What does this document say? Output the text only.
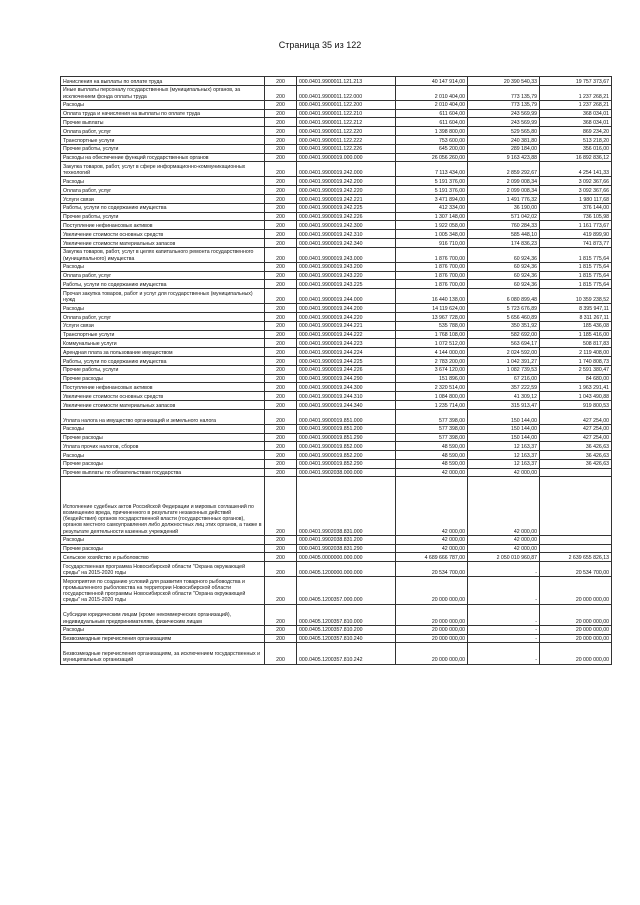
Страница 35 из 122
Начисления на выплаты по оплате труда	200	000.0401.9900011.121.213	40 147 914,00	20 390 540,33	19 757 373,67
Иные выплаты персоналу государственных (муниципальных) органов, за исключением фонда оплаты труда	200	000.0401.9900011.122.000	2 010 404,00	773 135,79	1 237 268,21
Расходы	200	000.0401.9900011.122.200	2 010 404,00	773 135,79	1 237 268,21
Оплата труда и начисления на выплаты по оплате труда	200	000.0401.9900011.122.210	611 604,00	243 569,99	368 034,01
Прочие выплаты	200	000.0401.9900011.122.212	611 604,00	243 569,99	368 034,01
Оплата работ, услуг	200	000.0401.9900011.122.220	1 398 800,00	529 565,80	869 234,20
Транспортные услуги	200	000.0401.9900011.122.222	753 600,00	240 381,80	513 218,20
Прочие работы, услуги	200	000.0401.9900011.122.226	645 200,00	289 184,00	356 016,00
Расходы на обеспечение функций государственных органов	200	000.0401.9900019.000.000	26 056 260,00	9 163 423,88	16 892 836,12
Закупка товаров, работ, услуг в сфере информационно-коммуникационных технологий	200	000.0401.9900019.242.000	7 113 434,00	2 859 292,67	4 254 141,33
Расходы	200	000.0401.9900019.242.200	5 191 376,00	2 099 008,34	3 092 367,66
Оплата работ, услуг	200	000.0401.9900019.242.220	5 191 376,00	2 099 008,34	3 092 367,66
Услуги связи	200	000.0401.9900019.242.221	3 471 894,00	1 491 776,32	1 980 117,68
Работы, услуги по содержанию имущества	200	000.0401.9900019.242.225	412 334,00	36 190,00	376 144,00
Прочие работы, услуги	200	000.0401.9900019.242.226	1 307 148,00	571 042,02	736 105,98
Поступление нефинансовых активов	200	000.0401.9900019.242.300	1 922 058,00	760 284,33	1 161 773,67
Увеличение стоимости основных средств	200	000.0401.9900019.242.310	1 005 348,00	585 448,10	419 899,90
Увеличение стоимости материальных запасов	200	000.0401.9900019.242.340	916 710,00	174 836,23	741 873,77
Закупка товаров, работ, услуг в целях капитального ремонта государственного (муниципального) имущества	200	000.0401.9900019.243.000	1 876 700,00	60 924,36	1 815 775,64
Расходы	200	000.0401.9900019.243.200	1 876 700,00	60 924,36	1 815 775,64
Оплата работ, услуг	200	000.0401.9900019.243.220	1 876 700,00	60 924,36	1 815 775,64
Работы, услуги по содержанию имущества	200	000.0401.9900019.243.225	1 876 700,00	60 924,36	1 815 775,64
Прочая закупка товаров, работ и услуг для государственных (муниципальных) нужд	200	000.0401.9900019.244.000	16 440 138,00	6 080 899,48	10 359 238,52
Расходы	200	000.0401.9900019.244.200	14 119 624,00	5 723 676,89	8 395 947,11
Оплата работ, услуг	200	000.0401.9900019.244.220	13 967 728,00	5 656 460,89	8 311 267,11
Услуги связи	200	000.0401.9900019.244.221	535 788,00	350 351,92	185 436,08
Транспортные услуги	200	000.0401.9900019.244.222	1 768 108,00	582 692,00	1 185 416,00
Коммунальные услуги	200	000.0401.9900019.244.223	1 072 512,00	563 694,17	508 817,83
Арендная плата за пользование имуществом	200	000.0401.9900019.244.224	4 144 000,00	2 024 592,00	2 119 408,00
Работы, услуги по содержанию имущества	200	000.0401.9900019.244.225	2 783 200,00	1 042 391,27	1 740 808,73
Прочие работы, услуги	200	000.0401.9900019.244.226	3 674 120,00	1 082 739,53	2 591 380,47
Прочие расходы	200	000.0401.9900019.244.290	151 896,00	67 216,00	84 680,00
Поступление нефинансовых активов	200	000.0401.9900019.244.300	2 320 514,00	357 222,59	1 963 291,41
Увеличение стоимости основных средств	200	000.0401.9900019.244.310	1 084 800,00	41 309,12	1 043 490,88
Увеличение стоимости материальных запасов	200	000.0401.9900019.244.340	1 235 714,00	315 913,47	919 800,53
Уплата налога на имущество организаций и земельного налога	200	000.0401.9900019.851.000	577 398,00	150 144,00	427 254,00
Расходы	200	000.0401.9900019.851.200	577 398,00	150 144,00	427 254,00
Прочие расходы	200	000.0401.9900019.851.290	577 398,00	150 144,00	427 254,00
Уплата прочих налогов, сборов	200	000.0401.9900019.852.000	48 590,00	12 163,37	36 426,63
Расходы	200	000.0401.9900019.852.200	48 590,00	12 163,37	36 426,63
Прочие расходы	200	000.0401.9900019.852.290	48 590,00	12 163,37	36 426,63
Прочие выплаты по обязательствам государства	200	000.0401.9902038.000.000	42 000,00	42 000,00	
Исполнение судебных актов Российской Федерации и мировых соглашений по возмещению вреда, причиненного в результате незаконных действий (бездействия) органов государственной власти (государственных органов), органов местного самоуправления либо должностных лиц этих органов, а также в результате деятельности казенных учреждений	200	000.0401.9902038.831.000	42 000,00	42 000,00	
Расходы	200	000.0401.9902038.831.200	42 000,00	42 000,00	
Прочие расходы	200	000.0401.9902038.831.290	42 000,00	42 000,00	
Сельское хозяйство и рыболовство	200	000.0405.0000000.000.000	4 689 666 787,00	2 050 010 960,87	2 639 655 826,13
Государственная программа Новосибирской области "Охрана окружающей среды" на 2015-2020 годы	200	000.0405.1200000.000.000	20 534 700,00	-	20 534 700,00
Мероприятия по созданию условий для развития товарного рыбоводства и промышленного рыболовства на территории Новосибирской области государственной программы Новосибирской области "Охрана окружающей среды" на 2015-2020 годы	200	000.0405.1200357.000.000	20 000 000,00	-	20 000 000,00
Субсидии юридическим лицам (кроме некоммерческих организаций), индивидуальным предпринимателям, физическим лицам	200	000.0405.1200357.810.000	20 000 000,00	-	20 000 000,00
Расходы	200	000.0405.1200357.810.200	20 000 000,00	-	20 000 000,00
Безвозмездные перечисления организациям	200	000.0405.1200357.810.240	20 000 000,00	-	20 000 000,00
Безвозмездные перечисления организациям, за исключением государственных и муниципальных организаций	200	000.0405.1200357.810.242	20 000 000,00	-	20 000 000,00
